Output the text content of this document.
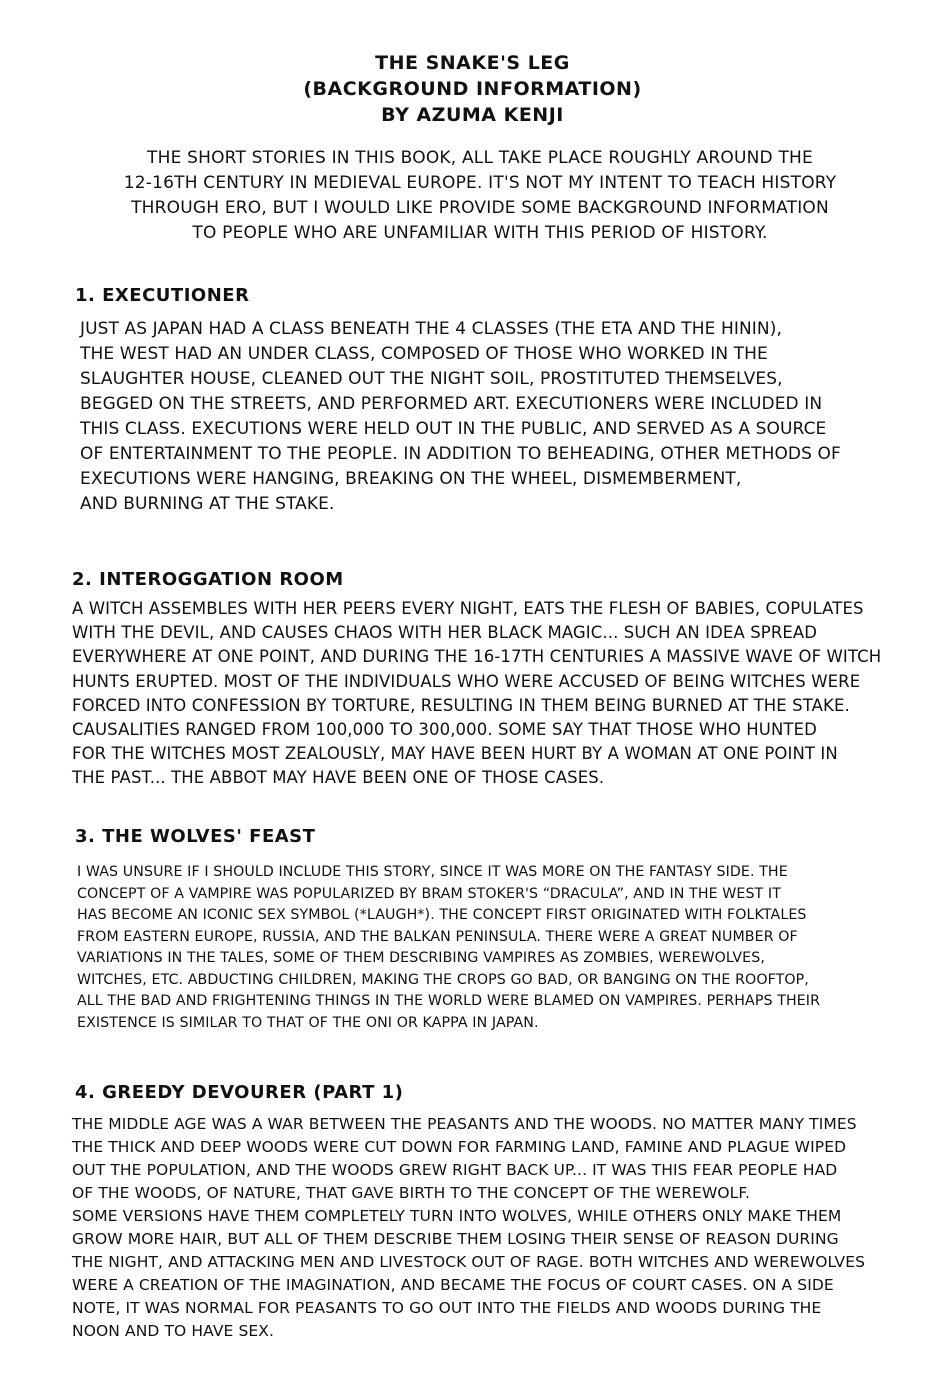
THE SNAKE'S LEG
(BACKGROUND INFORMATION)
BY AZUMA KENJI
THE SHORT STORIES IN THIS BOOK, ALL TAKE PLACE ROUGHLY AROUND THE
12-16TH CENTURY IN MEDIEVAL EUROPE. IT'S NOT MY INTENT TO TEACH HISTORY
THROUGH ERO, BUT I WOULD LIKE PROVIDE SOME BACKGROUND INFORMATION
TO PEOPLE WHO ARE UNFAMILIAR WITH THIS PERIOD OF HISTORY.
1. EXECUTIONER
JUST AS JAPAN HAD A CLASS BENEATH THE 4 CLASSES (THE ETA AND THE HININ),
THE WEST HAD AN UNDER CLASS, COMPOSED OF THOSE WHO WORKED IN THE
SLAUGHTER HOUSE, CLEANED OUT THE NIGHT SOIL, PROSTITUTED THEMSELVES,
BEGGED ON THE STREETS, AND PERFORMED ART. EXECUTIONERS WERE INCLUDED IN
THIS CLASS. EXECUTIONS WERE HELD OUT IN THE PUBLIC, AND SERVED AS A SOURCE
OF ENTERTAINMENT TO THE PEOPLE. IN ADDITION TO BEHEADING, OTHER METHODS OF
EXECUTIONS WERE HANGING, BREAKING ON THE WHEEL, DISMEMBERMENT,
AND BURNING AT THE STAKE.
2. INTEROGGATION ROOM
A WITCH ASSEMBLES WITH HER PEERS EVERY NIGHT, EATS THE FLESH OF BABIES, COPULATES
WITH THE DEVIL, AND CAUSES CHAOS WITH HER BLACK MAGIC... SUCH AN IDEA SPREAD
EVERYWHERE AT ONE POINT, AND DURING THE 16-17TH CENTURIES A MASSIVE WAVE OF WITCH
HUNTS ERUPTED. MOST OF THE INDIVIDUALS WHO WERE ACCUSED OF BEING WITCHES WERE
FORCED INTO CONFESSION BY TORTURE, RESULTING IN THEM BEING BURNED AT THE STAKE.
CAUSALITIES RANGED FROM 100,000 TO 300,000. SOME SAY THAT THOSE WHO HUNTED
FOR THE WITCHES MOST ZEALOUSLY, MAY HAVE BEEN HURT BY A WOMAN AT ONE POINT IN
THE PAST... THE ABBOT MAY HAVE BEEN ONE OF THOSE CASES.
3. THE WOLVES' FEAST
I WAS UNSURE IF I SHOULD INCLUDE THIS STORY, SINCE IT WAS MORE ON THE FANTASY SIDE. THE
CONCEPT OF A VAMPIRE WAS POPULARIZED BY BRAM STOKER'S “DRACULA”, AND IN THE WEST IT
HAS BECOME AN ICONIC SEX SYMBOL (*LAUGH*). THE CONCEPT FIRST ORIGINATED WITH FOLKTALES
FROM EASTERN EUROPE, RUSSIA, AND THE BALKAN PENINSULA. THERE WERE A GREAT NUMBER OF
VARIATIONS IN THE TALES, SOME OF THEM DESCRIBING VAMPIRES AS ZOMBIES, WEREWOLVES,
WITCHES, ETC. ABDUCTING CHILDREN, MAKING THE CROPS GO BAD, OR BANGING ON THE ROOFTOP,
ALL THE BAD AND FRIGHTENING THINGS IN THE WORLD WERE BLAMED ON VAMPIRES. PERHAPS THEIR
EXISTENCE IS SIMILAR TO THAT OF THE ONI OR KAPPA IN JAPAN.
4. GREEDY DEVOURER (PART 1)
THE MIDDLE AGE WAS A WAR BETWEEN THE PEASANTS AND THE WOODS. NO MATTER MANY TIMES
THE THICK AND DEEP WOODS WERE CUT DOWN FOR FARMING LAND, FAMINE AND PLAGUE WIPED
OUT THE POPULATION, AND THE WOODS GREW RIGHT BACK UP... IT WAS THIS FEAR PEOPLE HAD
OF THE WOODS, OF NATURE, THAT GAVE BIRTH TO THE CONCEPT OF THE WEREWOLF.
SOME VERSIONS HAVE THEM COMPLETELY TURN INTO WOLVES, WHILE OTHERS ONLY MAKE THEM
GROW MORE HAIR, BUT ALL OF THEM DESCRIBE THEM LOSING THEIR SENSE OF REASON DURING
THE NIGHT, AND ATTACKING MEN AND LIVESTOCK OUT OF RAGE. BOTH WITCHES AND WEREWOLVES
WERE A CREATION OF THE IMAGINATION, AND BECAME THE FOCUS OF COURT CASES. ON A SIDE
NOTE, IT WAS NORMAL FOR PEASANTS TO GO OUT INTO THE FIELDS AND WOODS DURING THE
NOON AND TO HAVE SEX.
